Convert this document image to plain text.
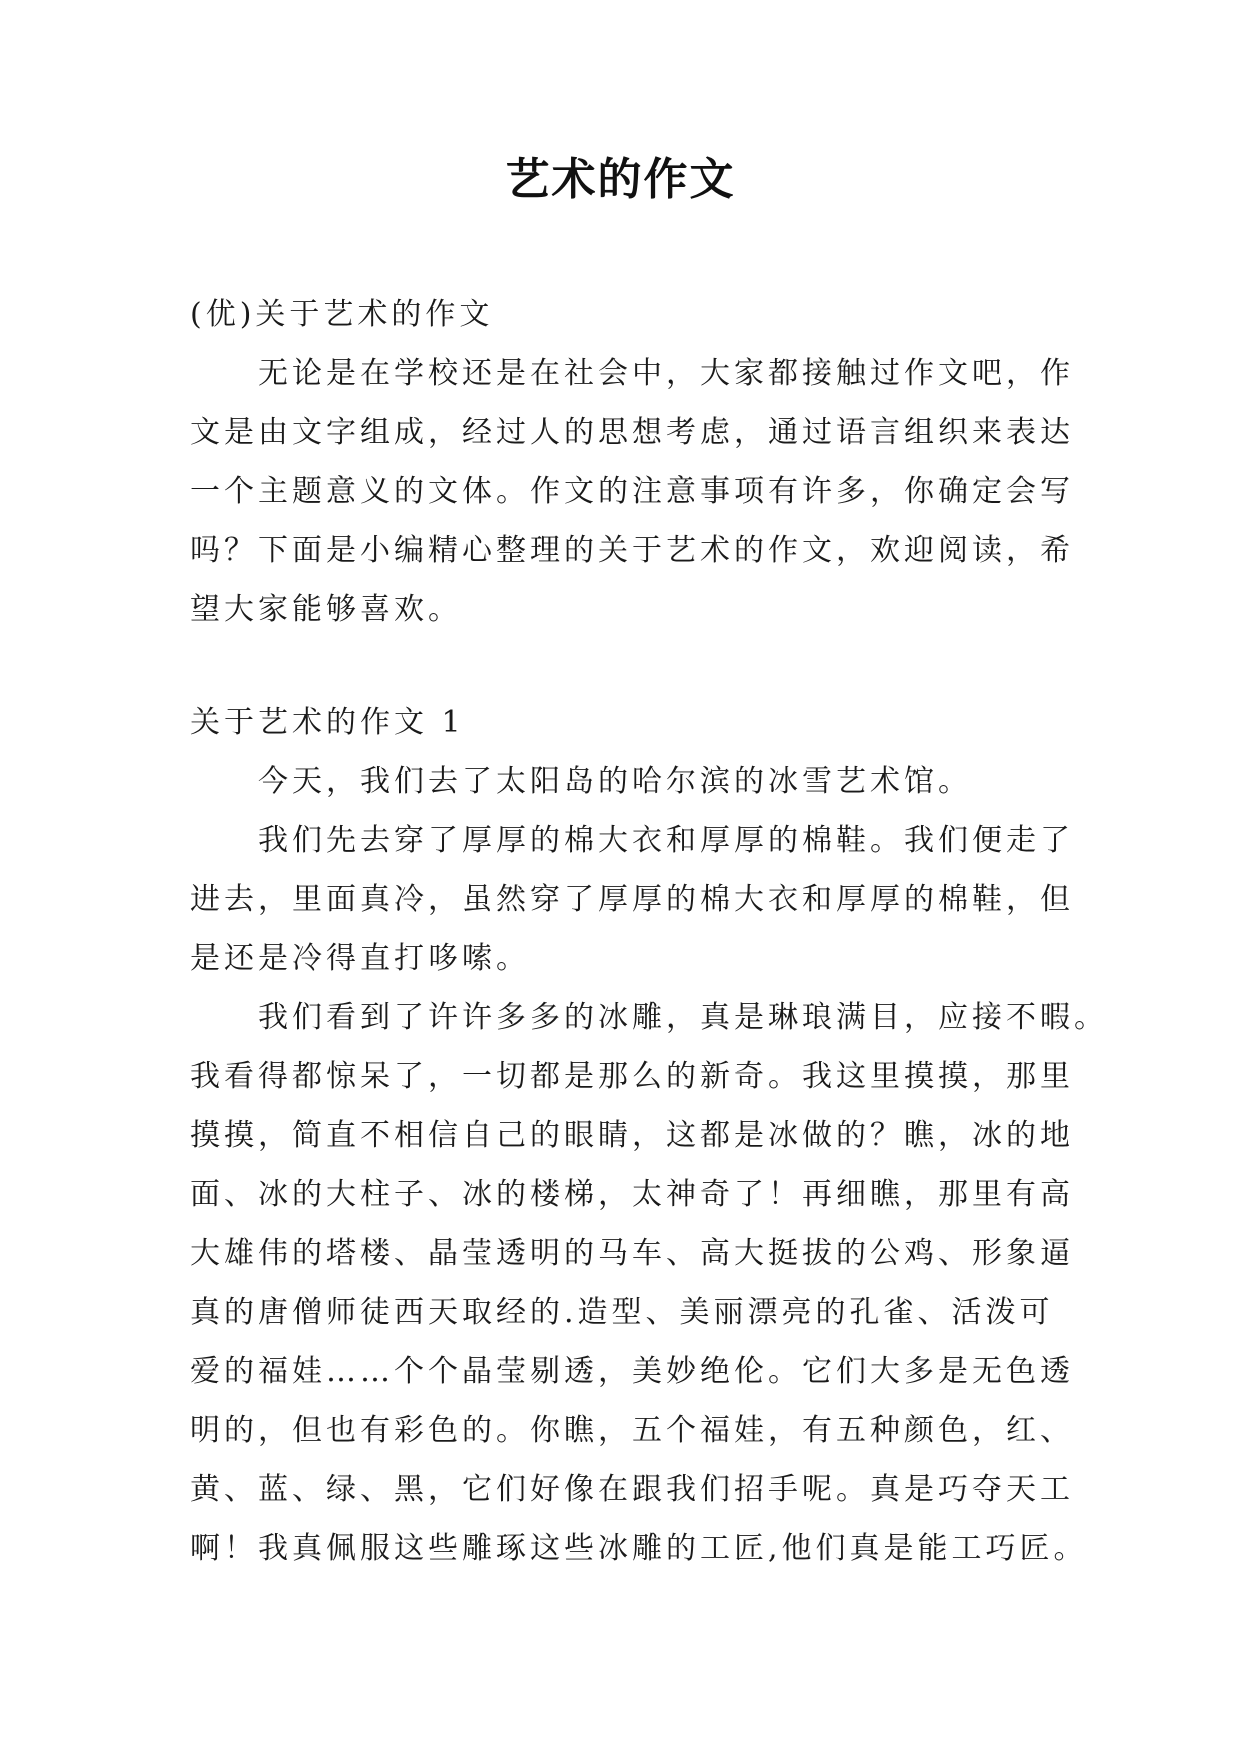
艺术的作文
(优)关于艺术的作文
无论是在学校还是在社会中，大家都接触过作文吧，作
文是由文字组成，经过人的思想考虑，通过语言组织来表达
一个主题意义的文体。作文的注意事项有许多，你确定会写
吗？下面是小编精心整理的关于艺术的作文，欢迎阅读，希
望大家能够喜欢。
关于艺术的作文 1
今天，我们去了太阳岛的哈尔滨的冰雪艺术馆。
我们先去穿了厚厚的棉大衣和厚厚的棉鞋。我们便走了
进去，里面真冷，虽然穿了厚厚的棉大衣和厚厚的棉鞋，但
是还是冷得直打哆嗦。
我们看到了许许多多的冰雕，真是琳琅满目，应接不暇。
我看得都惊呆了，一切都是那么的新奇。我这里摸摸，那里
摸摸，简直不相信自己的眼睛，这都是冰做的？瞧，冰的地
面、冰的大柱子、冰的楼梯，太神奇了！再细瞧，那里有高
大雄伟的塔楼、晶莹透明的马车、高大挺拔的公鸡、形象逼
真的唐僧师徒西天取经的.造型、美丽漂亮的孔雀、活泼可
爱的福娃……个个晶莹剔透，美妙绝伦。它们大多是无色透
明的，但也有彩色的。你瞧，五个福娃，有五种颜色，红、
黄、蓝、绿、黑，它们好像在跟我们招手呢。真是巧夺天工
啊！我真佩服这些雕琢这些冰雕的工匠,他们真是能工巧匠。
